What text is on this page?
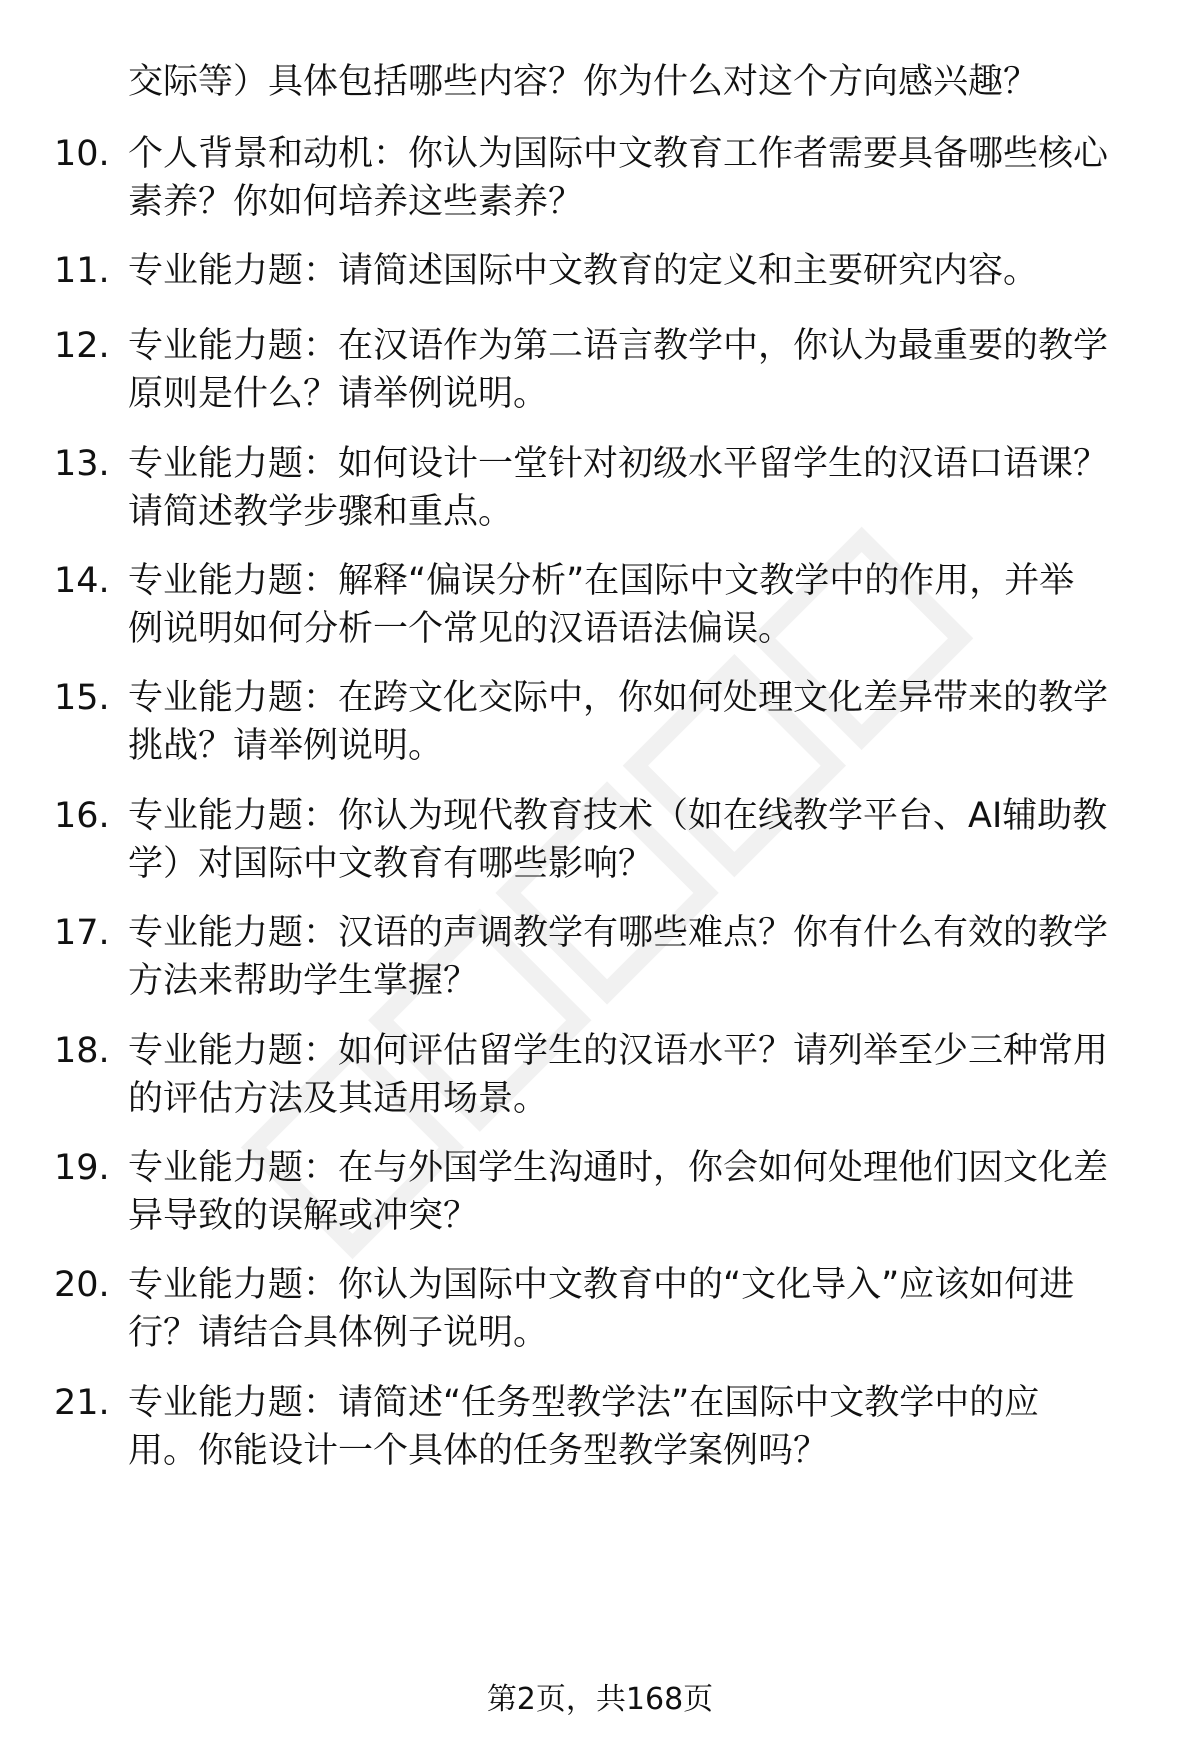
交际等）具体包括哪些内容？你为什么对这个方向感兴趣？
10. 个人背景和动机：你认为国际中文教育工作者需要具备哪些核心
素养？你如何培养这些素养？
11. 专业能力题：请简述国际中文教育的定义和主要研究内容。
12. 专业能力题：在汉语作为第二语言教学中，你认为最重要的教学
原则是什么？请举例说明。
13. 专业能力题：如何设计一堂针对初级水平留学生的汉语口语课？
请简述教学步骤和重点。
14. 专业能力题：解释“偏误分析”在国际中文教学中的作用，并举
例说明如何分析一个常见的汉语语法偏误。
15. 专业能力题：在跨文化交际中，你如何处理文化差异带来的教学
挑战？请举例说明。
16. 专业能力题：你认为现代教育技术（如在线教学平台、AI辅助教
学）对国际中文教育有哪些影响？
17. 专业能力题：汉语的声调教学有哪些难点？你有什么有效的教学
方法来帮助学生掌握？
18. 专业能力题：如何评估留学生的汉语水平？请列举至少三种常用
的评估方法及其适用场景。
19. 专业能力题：在与外国学生沟通时，你会如何处理他们因文化差
异导致的误解或冲突？
20. 专业能力题：你认为国际中文教育中的“文化导入”应该如何进
行？请结合具体例子说明。
21. 专业能力题：请简述“任务型教学法”在国际中文教学中的应
用。你能设计一个具体的任务型教学案例吗？
第2页，共168页
